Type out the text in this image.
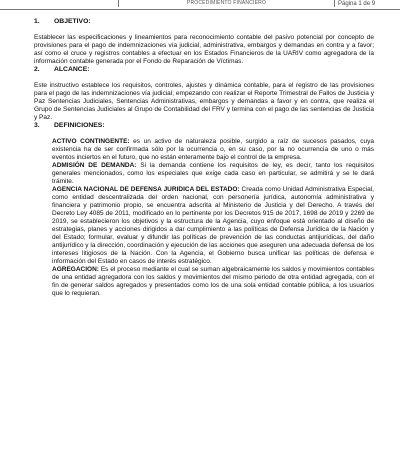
PROCEDIMIENTO FINANCIERO	Página 1 de 9
1.	OBJETIVO:

Establecer las especificaciones y lineamientos para reconocimiento contable del pasivo potencial por concepto de provisiones para el pago de indemnizaciones vía judicial, administrativa, embargos y demandas en contra y a favor; así como el cruce y registros contables a efectuar en los Estados Financieros de la UARIV como agregadora de la información contable generada por el Fondo de Reparación de Víctimas.

2.	ALCANCE:

Este instructivo establece los requisitos, controles, ajustes y dinámica contable, para el registro de las provisiones para el pago de las indemnizaciones vía judicial; empezando con realizar el Reporte Trimestral de Fallos de Justicia y Paz Sentencias Judiciales, Sentencias Administrativas, embargos y demandas a favor y en contra, que realiza el Grupo de Sentencias Judiciales al Grupo de Contabilidad del FRV y termina con el pago de las sentencias de Justicia y Paz.

3.	DEFINICIONES:

ACTIVO CONTINGENTE: es un activo de naturaleza posible, surgido a raíz de sucesos pasados, cuya existencia ha de ser confirmada sólo por la ocurrencia o, en su caso, por la no ocurrencia de uno o más eventos inciertos en el futuro, que no están enteramente bajo el control de la empresa.

ADMISIÓN DE DEMANDA: Si la demanda contiene los requisitos de ley, es decir, tanto los requisitos generales mencionados, como los especiales que exige cada caso en particular, se admitirá y se le dará trámite.

AGENCIA NACIONAL DE DEFENSA JURIDICA DEL ESTADO: Creada como Unidad Administrativa Especial, como entidad descentralizada del orden nacional, con personería jurídica, autonomía administrativa y financiera y patrimonio propio, se encuentra adscrita al Ministerio de Justicia y del Derecho. A través del Decreto Ley 4085 de 2011, modificado en lo pertinente por los Decretos 915 de 2017, 1698 de 2019 y 2269 de 2019, se establecieron los objetivos y la estructura de la Agencia, cuyo enfoque está orientado al diseño de estrategias, planes y acciones dirigidos a dar cumplimiento a las políticas de Defensa Jurídica de la Nación y del Estado; formular, evaluar y difundir las políticas de prevención de las conductas antijurídicas, del daño antijurídico y la dirección, coordinación y ejecución de las acciones que aseguren una adecuada defensa de los intereses litigiosos de la Nación. Con la Agencia, el Gobierno busca unificar las políticas de defensa e información del Estado en casos de interés estratégico.

AGREGACION: Es el proceso mediante el cual se suman algebraicamente los saldos y movimientos contables de una entidad agregadora con los saldos y movimientos del mismo periodo de otra entidad agregada, con el fin de generar saldos agregados y presentados como los de una sola entidad contable pública, a los usuarios que lo requieran.
